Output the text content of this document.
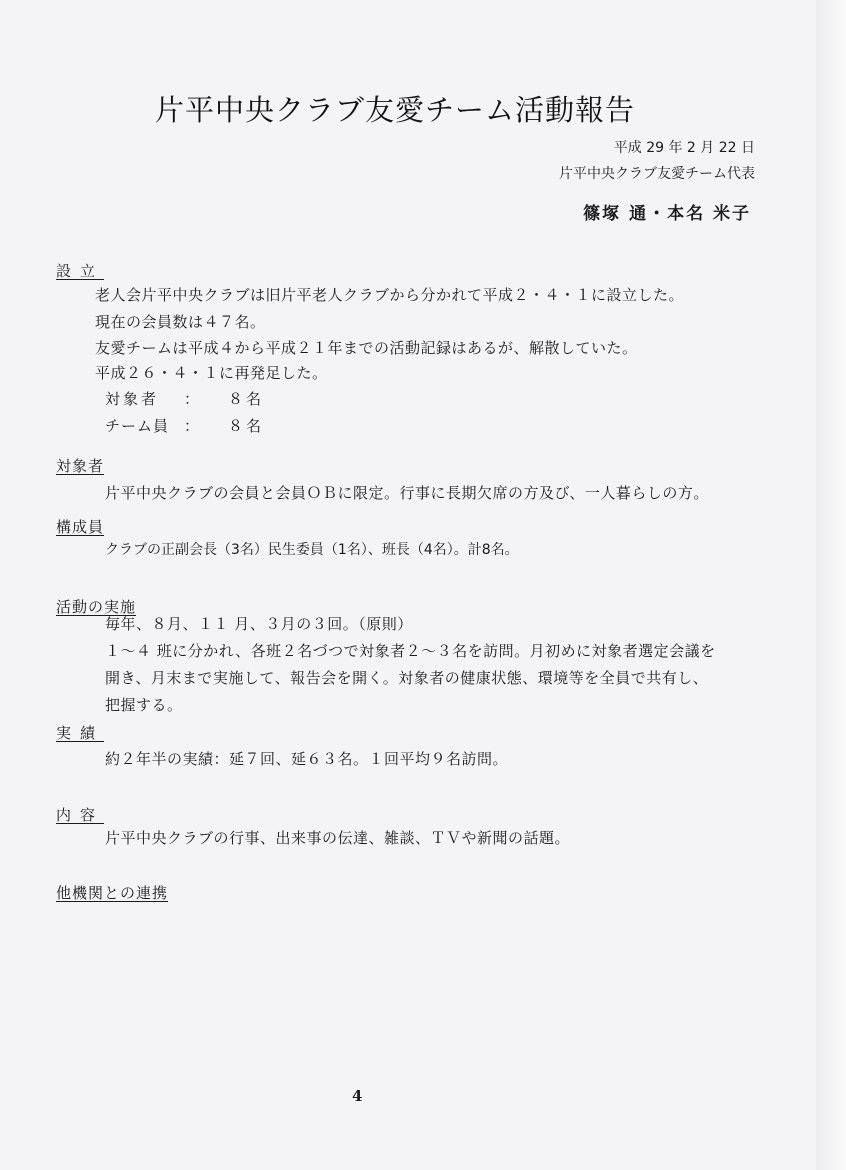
片平中央クラブ友愛チーム活動報告
平成 29 年 2 月 22 日
片平中央クラブ友愛チーム代表
篠塚 通・本名 米子
設立
老人会片平中央クラブは旧片平老人クラブから分かれて平成２・４・１に設立した。
現在の会員数は４７名。
友愛チームは平成４から平成２１年までの活動記録はあるが、解散していた。
平成２６・４・１に再発足した。
対象者 ： ８名
チーム員 ： ８名
対象者
片平中央クラブの会員と会員ＯＢに限定。行事に長期欠席の方及び、一人暮らしの方。
構成員
クラブの正副会長（3名）民生委員（1名）、班長（4名）。計8名。
活動の実施
毎年、８月、１１ 月、３月の３回。（原則）
１～４ 班に分かれ、各班２名づつで対象者２～３名を訪問。月初めに対象者選定会議を
開き、月末まで実施して、報告会を開く。対象者の健康状態、環境等を全員で共有し、
把握する。
実績
約２年半の実績：延７回、延６３名。１回平均９名訪問。
内容
片平中央クラブの行事、出来事の伝達、雑談、ＴＶや新聞の話題。
他機関との連携
4
